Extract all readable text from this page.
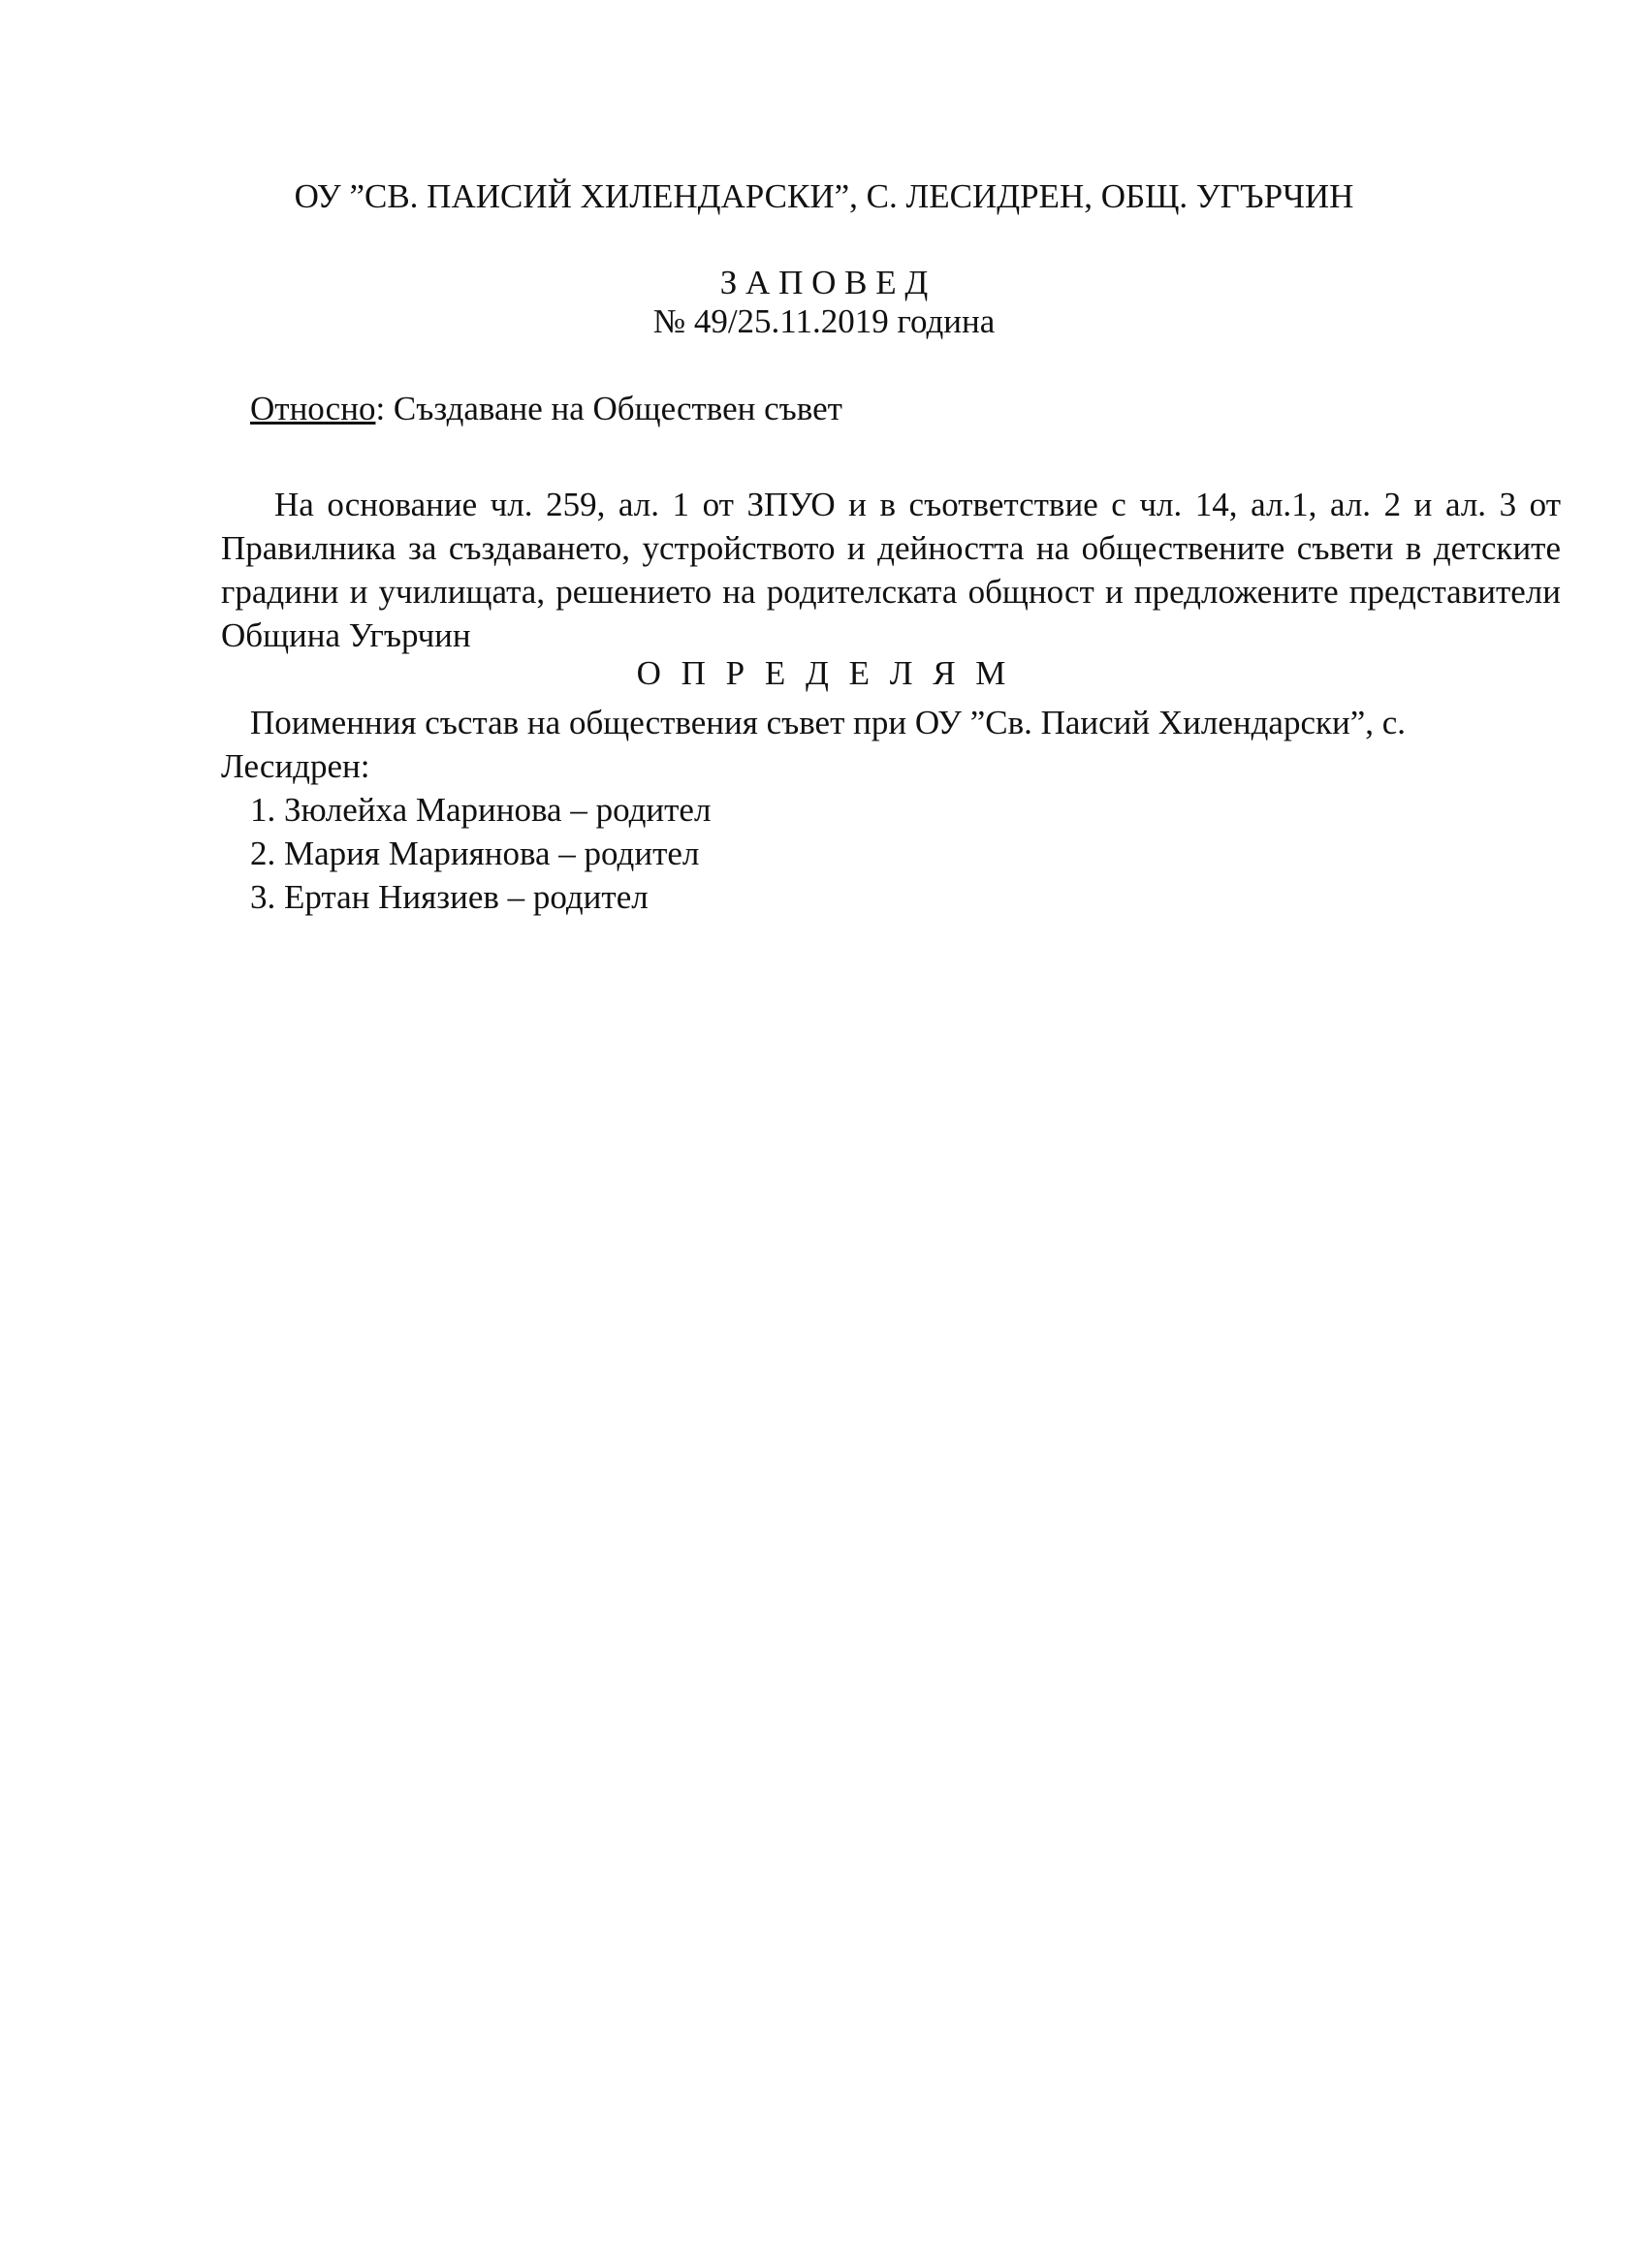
ОУ ”СВ. ПАИСИЙ ХИЛЕНДАРСКИ”, С. ЛЕСИДРЕН, ОБЩ. УГЪРЧИН
З А П О В Е Д
№ 49/25.11.2019 година
Относно: Създаване на Обществен съвет
На основание чл. 259, ал. 1 от ЗПУО и в съответствие с чл. 14, ал.1, ал. 2 и ал. 3 от Правилника за създаването, устройството и дейността на обществените съвети в детските градини и училищата, решението на родителската общност и предложените представители Община Угърчин
О П Р Е Д Е Л Я М
Поименния състав на обществения съвет при ОУ ”Св. Паисий Хилендарски”, с. Лесидрен:
1. Зюлейха Маринова – родител
2. Мария Мариянова – родител
3. Ертан Ниязиев – родител
